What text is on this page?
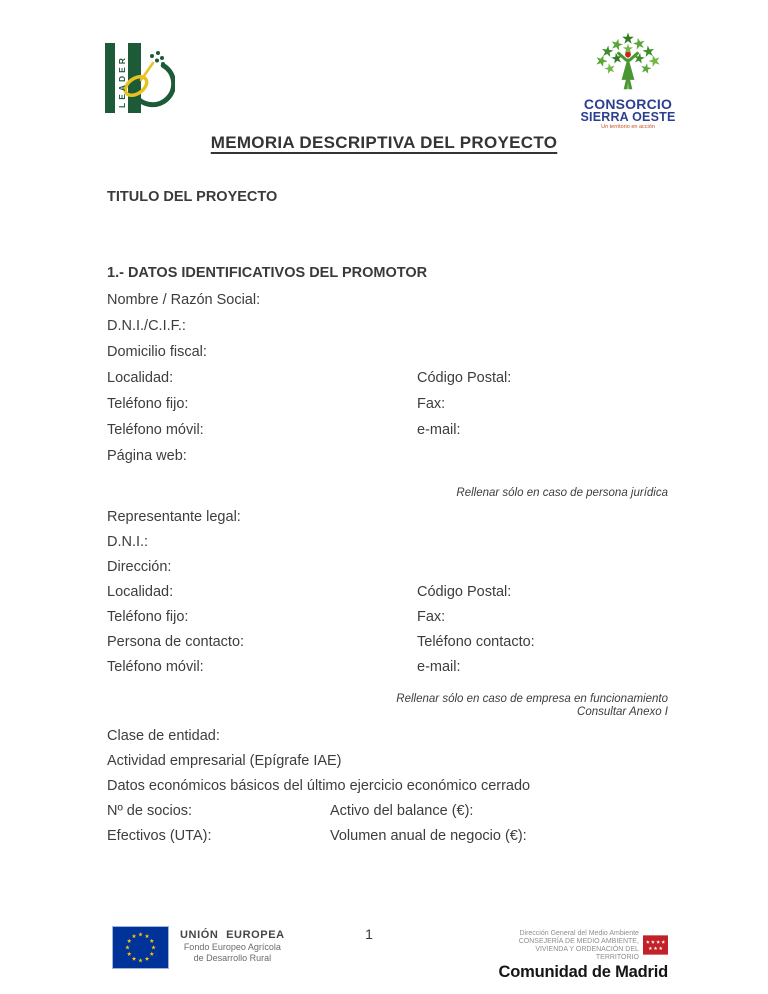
LEADER	CONSORCIO
SIERRA OESTE
Un territorio en acción
MEMORIA DESCRIPTIVA DEL PROYECTO
TITULO DEL PROYECTO
1.- DATOS IDENTIFICATIVOS DEL PROMOTOR
Nombre / Razón Social:
D.N.I./C.I.F.:
Domicilio fiscal:
Localidad:	Código Postal:
Teléfono fijo:	Fax:
Teléfono móvil:	e-mail:
Página web:
Rellenar sólo en caso de persona jurídica
Representante legal:
D.N.I.:
Dirección:
Localidad:	Código Postal:
Teléfono fijo:	Fax:
Persona de contacto:	Teléfono contacto:
Teléfono móvil:	e-mail:
Rellenar sólo en caso de empresa en funcionamiento
Consultar Anexo I
Clase de entidad:
Actividad empresarial (Epígrafe IAE)
Datos económicos básicos del último ejercicio económico cerrado
Nº de socios:	Activo del balance (€):
Efectivos (UTA):	Volumen anual de negocio (€):
UNIÓN EUROPEA
Fondo Europeo Agrícola
de Desarrollo Rural
1	Dirección General del Medio Ambiente
CONSEJERÍA DE MEDIO AMBIENTE,
VIVIENDA Y ORDENACIÓN DEL TERRITORIO
Comunidad de Madrid
